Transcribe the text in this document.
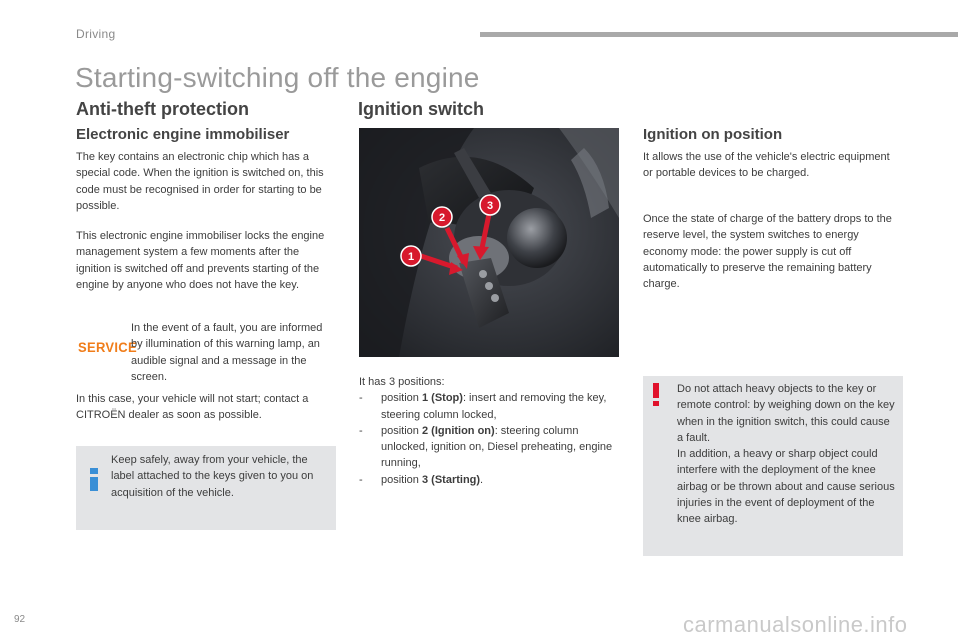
Driving
Starting-switching off the engine
Anti-theft protection
Electronic engine immobiliser
The key contains an electronic chip which has a special code. When the ignition is switched on, this code must be recognised in order for starting to be possible.
This electronic engine immobiliser locks the engine management system a few moments after the ignition is switched off and prevents starting of the engine by anyone who does not have the key.
SERVICE
In the event of a fault, you are informed by illumination of this warning lamp, an audible signal and a message in the screen.
In this case, your vehicle will not start; contact a CITROËN dealer as soon as possible.
Keep safely, away from your vehicle, the label attached to the keys given to you on acquisition of the vehicle.
Ignition switch
1
2
3
It has 3 positions:
- position 1 (Stop): insert and removing the key, steering column locked,
- position 2 (Ignition on): steering column unlocked, ignition on, Diesel preheating, engine running,
- position 3 (Starting).
Ignition on position
It allows the use of the vehicle's electric equipment or portable devices to be charged.
Once the state of charge of the battery drops to the reserve level, the system switches to energy economy mode: the power supply is cut off automatically to preserve the remaining battery charge.
Do not attach heavy objects to the key or remote control: by weighing down on the key when in the ignition switch, this could cause a fault.
In addition, a heavy or sharp object could interfere with the deployment of the knee airbag or be thrown about and cause serious injuries in the event of deployment of the knee airbag.
92	carmanualsonline.info
